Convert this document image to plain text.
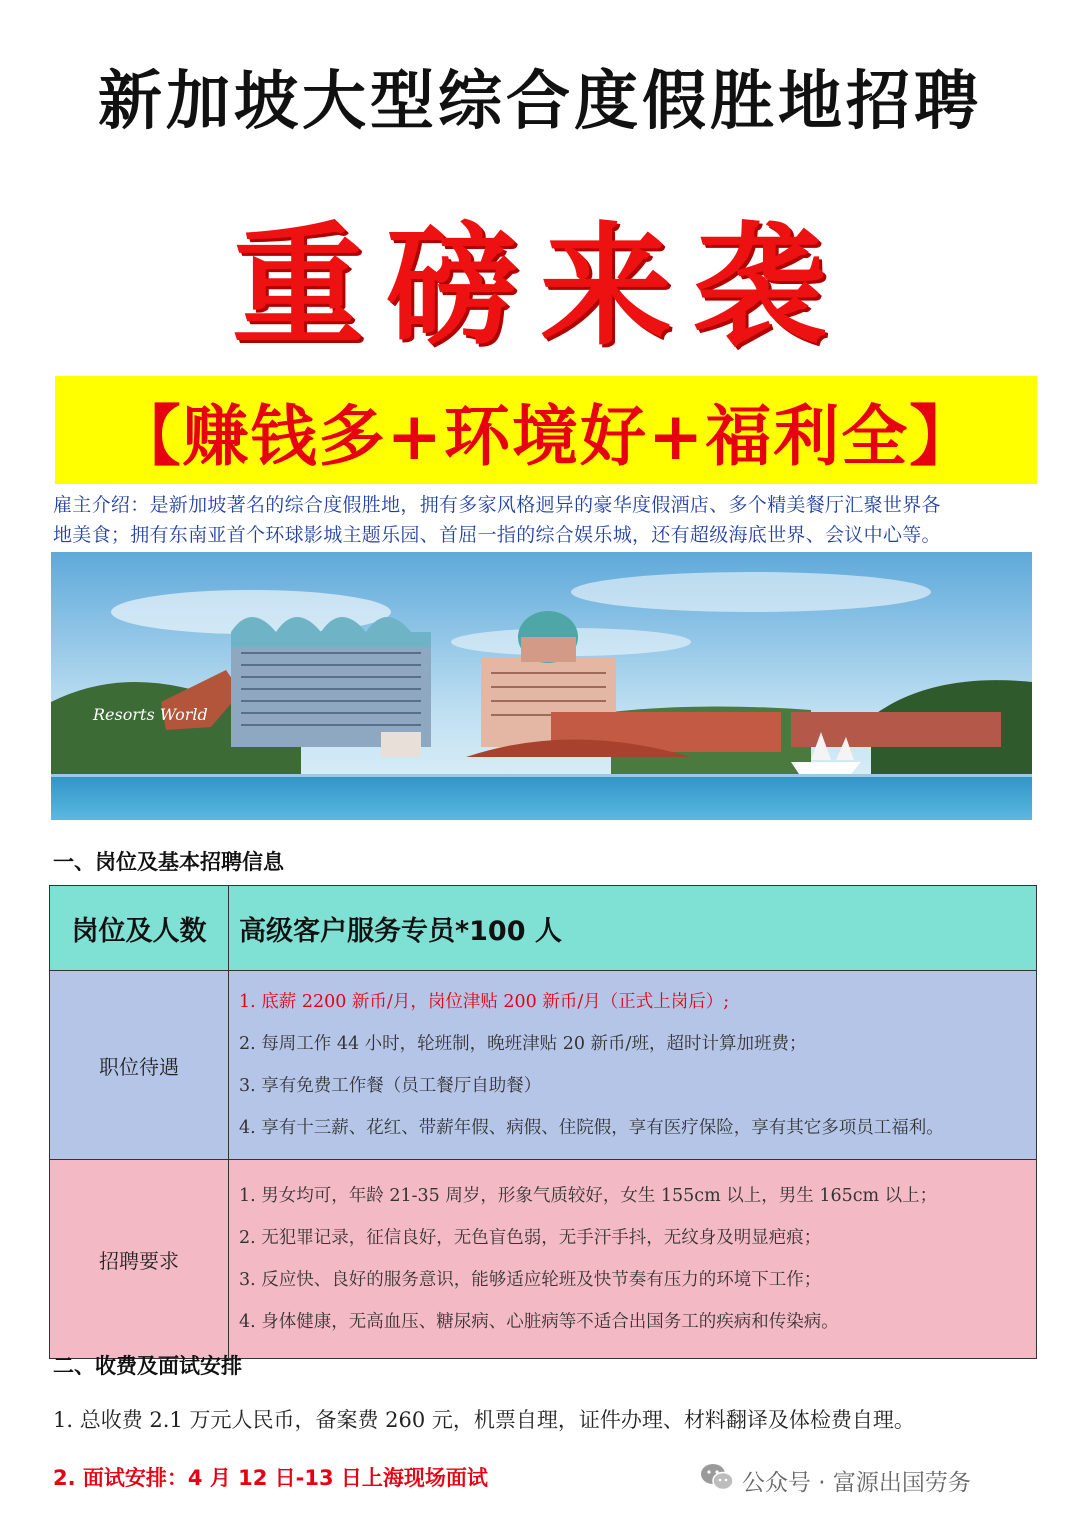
新加坡大型综合度假胜地招聘
重磅来袭
【赚钱多+环境好+福利全】
雇主介绍：是新加坡著名的综合度假胜地，拥有多家风格迥异的豪华度假酒店、多个精美餐厅汇聚世界各
地美食；拥有东南亚首个环球影城主题乐园、首屈一指的综合娱乐城，还有超级海底世界、会议中心等。
Resorts World
一、岗位及基本招聘信息
岗位及人数	高级客户服务专员*100 人
职位待遇	1. 底薪 2200 新币/月，岗位津贴 200 新币/月（正式上岗后）;
2. 每周工作 44 小时，轮班制，晚班津贴 20 新币/班，超时计算加班费；
3. 享有免费工作餐（员工餐厅自助餐）
4. 享有十三薪、花红、带薪年假、病假、住院假，享有医疗保险，享有其它多项员工福利。

招聘要求	1. 男女均可，年龄 21-35 周岁，形象气质较好，女生 155cm 以上，男生 165cm 以上；
2. 无犯罪记录，征信良好，无色盲色弱，无手汗手抖，无纹身及明显疤痕；
3. 反应快、良好的服务意识，能够适应轮班及快节奏有压力的环境下工作；
4. 身体健康，无高血压、糖尿病、心脏病等不适合出国务工的疾病和传染病。
二、收费及面试安排
1. 总收费 2.1 万元人民币，备案费 260 元，机票自理，证件办理、材料翻译及体检费自理。
2. 面试安排：4 月 12 日-13 日上海现场面试	公众号 · 富源出国劳务
